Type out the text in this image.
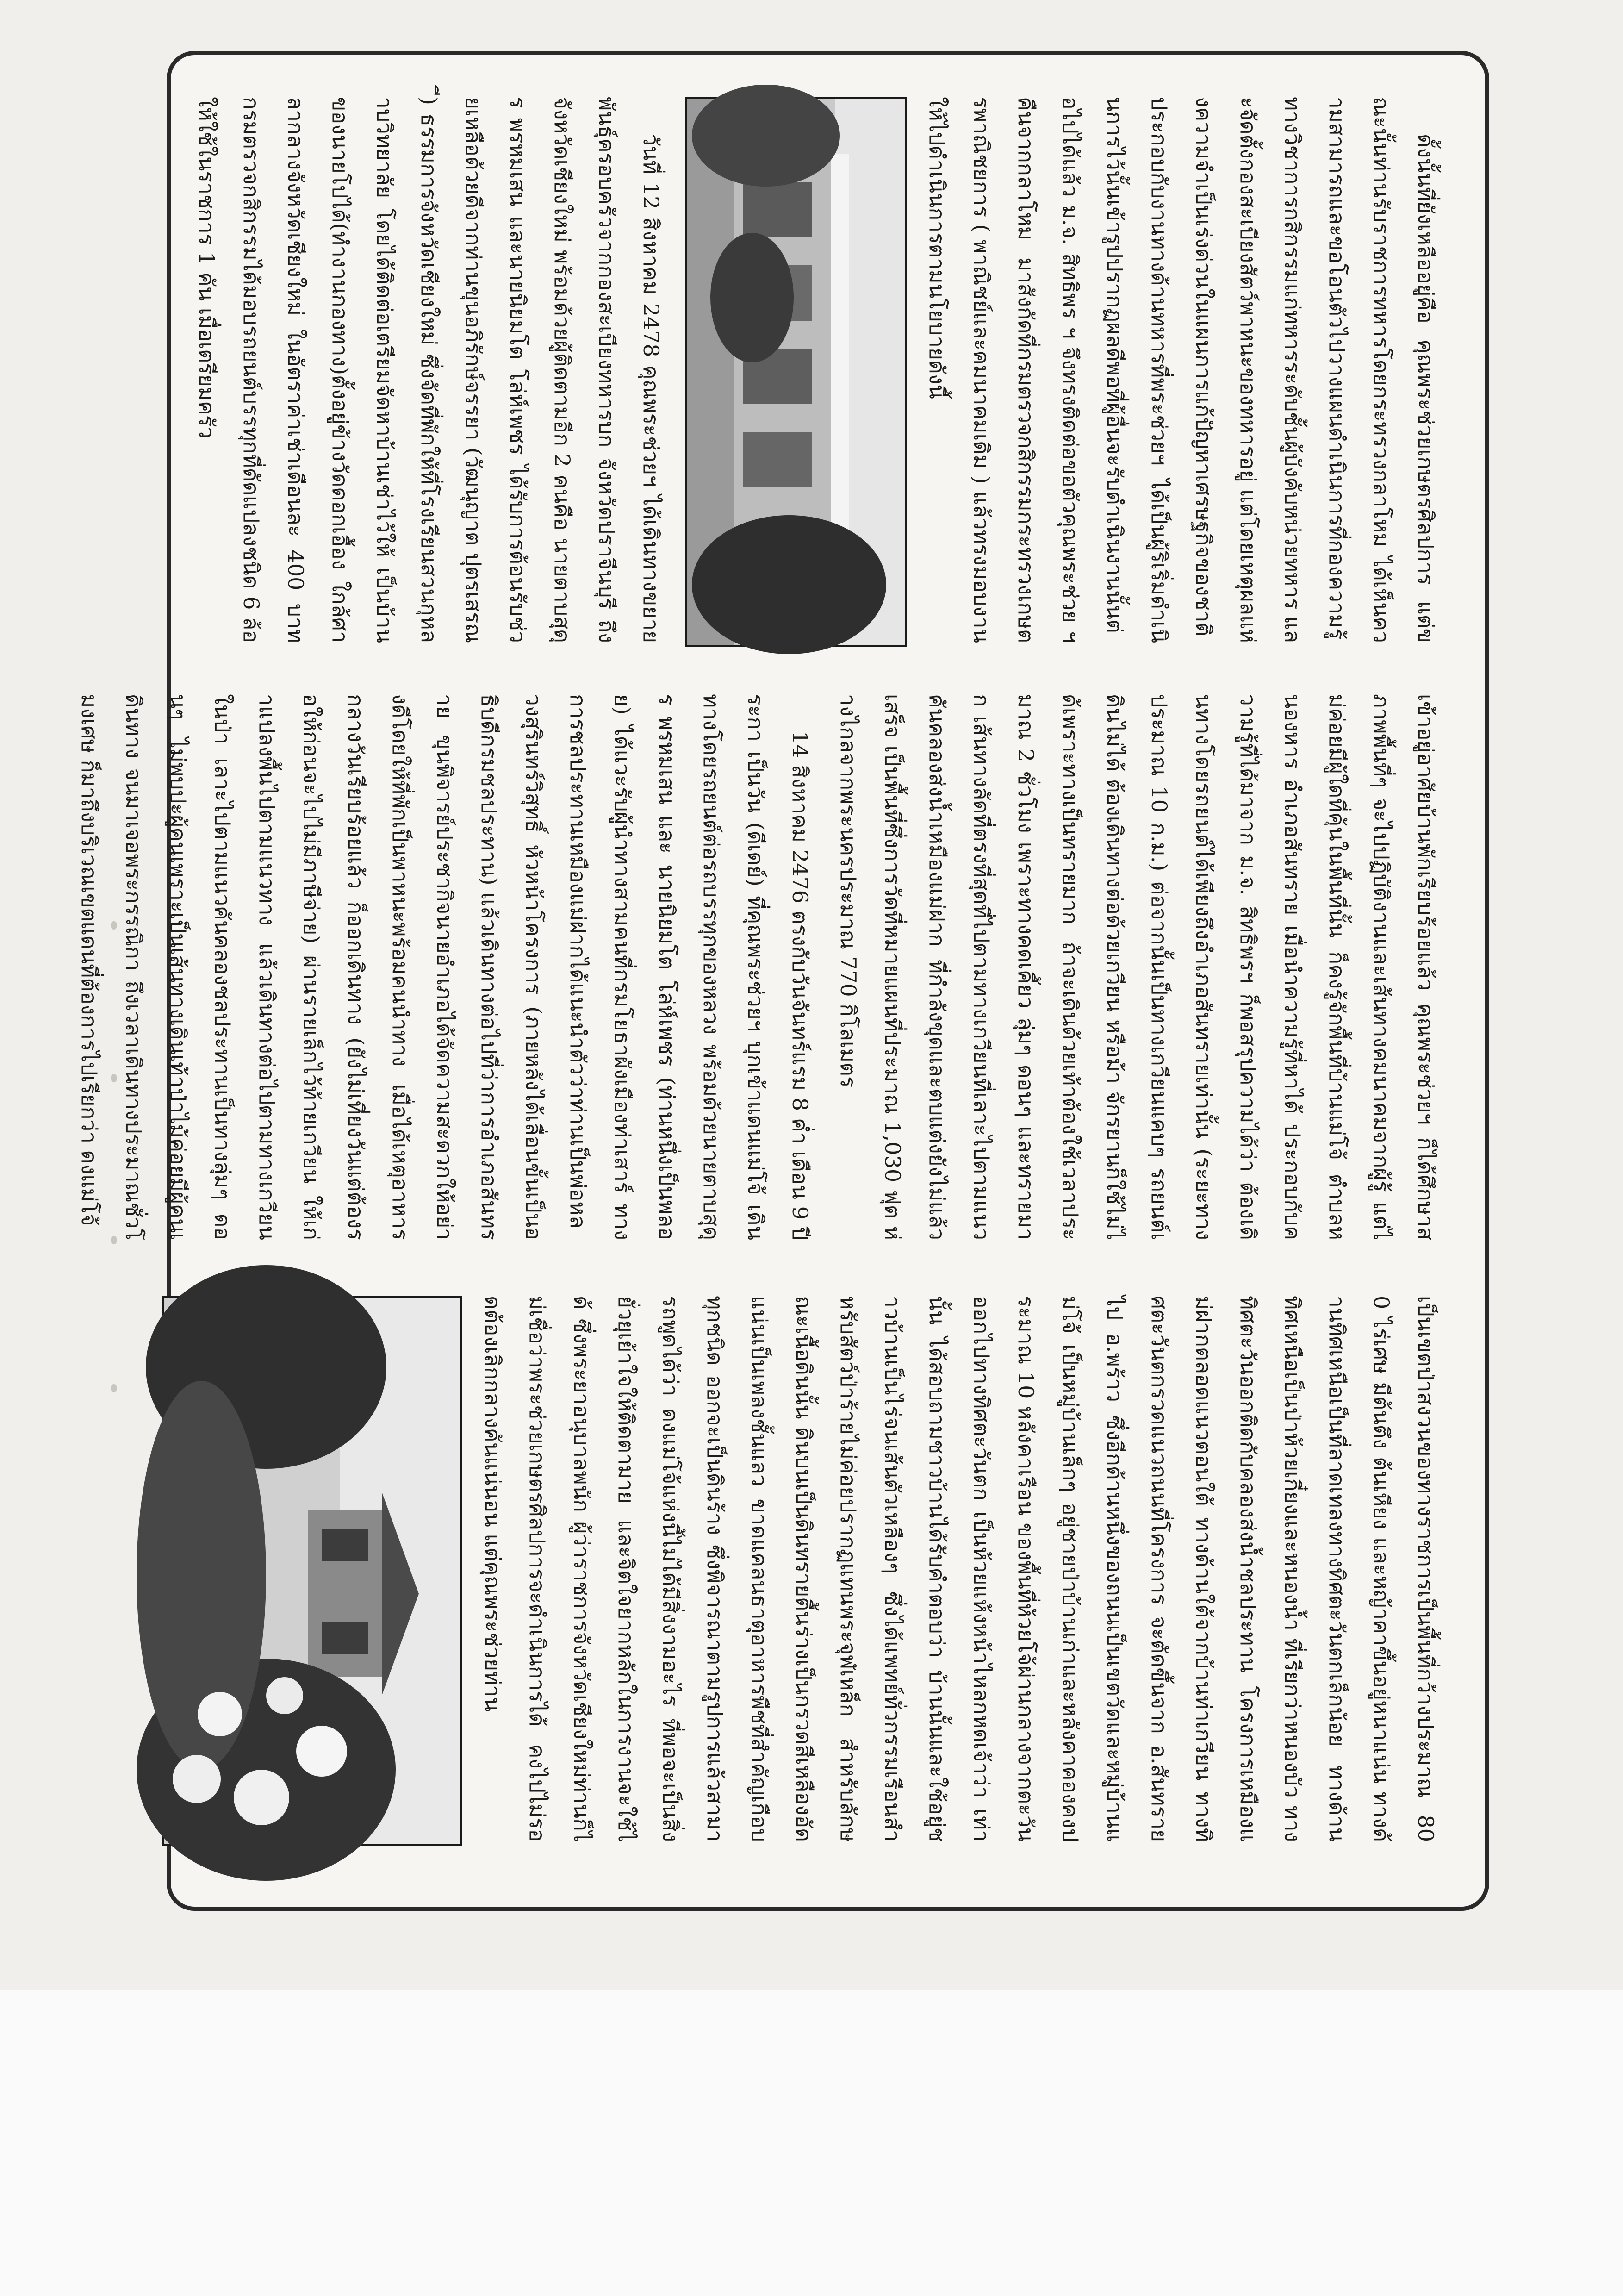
ดั้งนั้นที่ยังเหลืออยู่คือ คุณพระช่วยเกษตรศิลปการ แต่ขณะนั้นท่านรับราชการทหารโดยกระทรวงกลาโหม ได้เห็นความสามารถและขอโอนตัวไปวางแผนดำเนินการที่กองความรู้ทางวิชาการกสิกรรมแก่ทหารระดับชั้นผู้บังคับหน่วยทหาร และจัดตั้งกองสะเบียงสัตว์พาหนะของทหารอยู่ แต่โดยเหตุผลแห่งความจำเป็นเร่งด่วนในแผนการแก้ปัญหาเศรษฐกิจของชาติ ประกอบกับงานทางด้านทหารที่พระช่วยฯ ได้เป็นผู้ริเริ่มดำเนินการไว้นั้นเข้ารูปปรากฏผลดีพอที่ผู้อื่นจะรับดำเนินงานนั้นต่อไปได้แล้ว ม.จ. สิทธิพร ฯ จึงทรงติดต่อขอตัวคุณพระช่วย ฯ คืนจากกลาโหม มาสังกัดที่กรมตรวจกสิกรรมกระทรวงเกษตรพาณิชยการ ( พาณิชย์และคมนาคมเดิม ) แล้วทรงมอบงานให้ไปดำเนินการตามนโยบายดังนี้

วันที่ 12 สิงหาคม 2478 คุณพระช่วยฯ ได้เดินทางขยายพันธุ์ครอบครัวจากกองสะเบียงทหารบก จังหวัดปราจีนบุรี ถึงจังหวัดเชียงใหม่ พร้อมด้วยผู้ติดตามอีก 2 คนคือ นายตาบสุดุร พรหมเสน และนายนิยมโต โล่ห์เพชร ได้รับการต้อนรับช่วยเหลือด้วยดีจากท่านขุนอภิรักษ์จรรยา (วัฒนุญาต ปุตรเสรณี) ธรรมการจังหวัดเชียงใหม่ ซึ่งจัดที่พักให้ที่โรงเรียนสวนกุหลาบวิทยาลัย โดยได้ติดต่อเตรียมจัดหาบ้านเช่าไว้ให้ เป็นบ้านของนายโปได้(ทำงานกองทาง)ตั้งอยู่ข้างวัดดอกเอื้อง ใกล้ศาลากลางจังหวัดเชียงใหม่ ในอัตราค่าเช่าเดือนละ 400 บาท กรมตรวจกสิกรรมได้มอบรถยนต์บรรทุกที่ดัดแปลงชนิด 6 ล้อให้ใช้ในราชการ 1 คัน เมื่อเตรียมครัว

เข้าอยู่อาศัยบ้านพักเรียบร้อยแล้ว คุณพระช่วยฯ ก็ได้ศึกษาสภาพพื้นที่ๆ จะไปปฏิบัติงานและเส้นทางคมนาคมจากผู้รู้ แต่ไม่ค่อยมีผู้ใดที่คุ้นในพื้นที่นั้น ก็คงรู้จักพื้นที่บ้านแม่โจ้ ตำบลหนองหาร อำเภอสันทราย เมื่อนำความรู้ที่หาได้ ประกอบกับความรู้ที่ได้มาจาก ม.จ. สิทธิพรฯ ก็พอสรุปความได้ว่า ต้องเดินทางโดยรถยนต์ได้เพียงถึงอำเภอสันทรายเท่านั้น (ระยะทางประมาณ 10 ก.ม.) ต่อจากนั้นเป็นทางเกวียนแคบๆ รถยนต์เดินไม่ได้ ต้องเดินทางต่อด้วยเกวียน หรือม้า จักรยานก็ใช้ไม่ได้เพราะทางเป็นทรายมาก ถ้าจะเดินด้วยเท้าต้องใช้เวลาประมาณ 2 ชั่วโมง เพราะทางคดเคี้ยว ลุ่มๆ ดอนๆ และทรายมาก เส้นทางลัดที่ตรงที่สุดที่ไปตามทางเกวียนที่เลาะไปตามแนวคันคลองส่งน้ำเหมืองแม่ฝาก ที่กำลังขุดและตบแต่งยังไม่แล้วเสร็จ เป็นพื้นที่ซึ่งการวัดที่หมายแผนที่ประมาณ 1,030 ฟุต ห่างไกลจากพระนครประมาณ 770 กิโลเมตร

14 สิงหาคม 2476 ตรงกับวันจันทร์แรม 8 ค่ำ เดือน 9 ปีระกา เป็นวัน (ดีเดย์) ที่คุณพระช่วยฯ บุกเข้าแดนแม่โจ้ เดินทางโดยรถยนต์ต่อรถบรรทุกของหลวง พร้อมด้วยนายตาบสุดุร พรหมเสน และ นายนิยมโต โล่ห์เพชร (ท่านหนึ่งเป็นพลอย) ได้แวะรับผู้นำทางสามคนที่กรมโยธาผังเมืองท่าเสาร์ ทางการชลประทานเหมืองแม่ฝากได้แนะนำตัวว่าท่านเป็นพ่อหลวงสุรินทร์วิสุทธิ์ หัวหน้าโครงการ (ภายหลังได้เลื่อนขั้นเป็นอธิบดีกรมชลประทาน) แล้วเดินทางต่อไปที่ว่าการอำเภอสันทราย ขุนพิจารย์ประชากิจนายอำเภอได้จัดความสะดวกให้อย่างดีโดยให้ที่พักเป็นพาหนะพร้อมคนนำทาง เมื่อได้เหตุอาหารกลางวันเรียบร้อยแล้ว ก็ออกเดินทาง (ยังไม่เที่ยงวันแต่ต้องรอให้ก่อนจะไปไม่มีภาษีจ่าย) ผ่านรายเล็กไว้ท้ายเกวียน ให้เก่าแปลงพื้นไปตามแนวทาง แล้วเดินทางต่อไปตามทางเกวียน ในป่า เลาะไปตามแนวคันคลองชลประทานเป็นทางลุ่มๆ ดอนๆ ไม่พบปะผู้คนเพราะเป็นเส้นทางเดินเท้าป่าไม้ค่อยมีผู้คนเดินทาง จนมาเจอพระกรรณิกา ถึงเวลาเดินทางประมาณชั่วโมงเศษ ก็มาถึงบริเวณเขตแดนที่ต้องการไปเรียกว่า ดงแม่โจ้

เป็นเขตป่าสงวนของทางราชการเป็นพื้นที่กว้างประมาณ 800 ไร่เศษ มีต้นตึง ต้นเหียง และหญ้าคาขึ้นอยู่หนาแน่น ทางด้านทิศเหนือเป็นที่ลาดเทลงทางทิศตะวันตกเล็กน้อย ทางด้านทิศเหนือเป็นป่าห้วยเกี๋ยงและหนองน้ำ ที่เรียกว่าหนองบัว ทางทิศตะวันออกติดกับคลองส่งน้ำชลประทาน โครงการเหมืองแม่ฝากตลอดแนวตอนใต้ ทางด้านใต้จากบ้านท่าเกวียน ทางทิศตะวันตกรวดแนวถนนที่โครงการ จะตัดขึ้นจาก อ.สันทรายไป อ.พร้าว ซึ่งอีกด้านหนึ่งของถนนเป็นเขตวัดและหมู่บ้านแม่โจ้ เป็นหมู่บ้านเล็กๆ อยู่ชายป่าบ้านเก่าและหลังคาคองคงประมาณ 10 หลังคาเรือน ของพื้นที่ห้วยโจ้ผ่านกลางจากตะวันออกไปทางทิศตะวันตก เป็นห้วยแห้งหน้าไหลกหดเจ้าว่า เท่านั้น ได้สอบถามชาวบ้านได้รับคำตอบว่า บ้านนั้นและใช้อยู่ชาวบ้านเป็นไร่จนเส้นตัวเหลืองๆ ซึ่งได้แพทย์ทั่วกรรมเรือนสำหรับสัตว์ป่าร้ายไม่ค่อยปรากฏแทนพระจุฬเหล็ก สำหรับลักษณะเนื้อดินนั้น ดินบนเป็นดินทรายตื้นร่างเป็นกรวดสีเหลืองอัดแน่นเป็นเพลงชั้นแลว ขาดแคลนธาตุอาหารพืชที่สำคัญเกือบทุกชนิด ออกจะเป็นดินร้าง ซึ่งพิจารณาตามรูปการแล้วสามารถพูดได้ว่า ดงแม่โจ้แห่งนี้ไม่ได้มีสิ่งงามอะไร ที่พอจะเป็นสิ่งยั่วยุเย้าใจให้ติดตามาย และจิตใจยากหลักในการงานจะใช้ได้ ซึ่งพระยาอนุบาลพนัก ผู้ว่าราชการจังหวัดเชียงใหม่ท่านก็ไม่เชื่อว่าพระช่วยเกษตรศิลปการจะดำเนินการได้ คงไปไม่รอดต้องเลิกกลางคันแน่นอน แต่คุณพระช่วยท่าน
